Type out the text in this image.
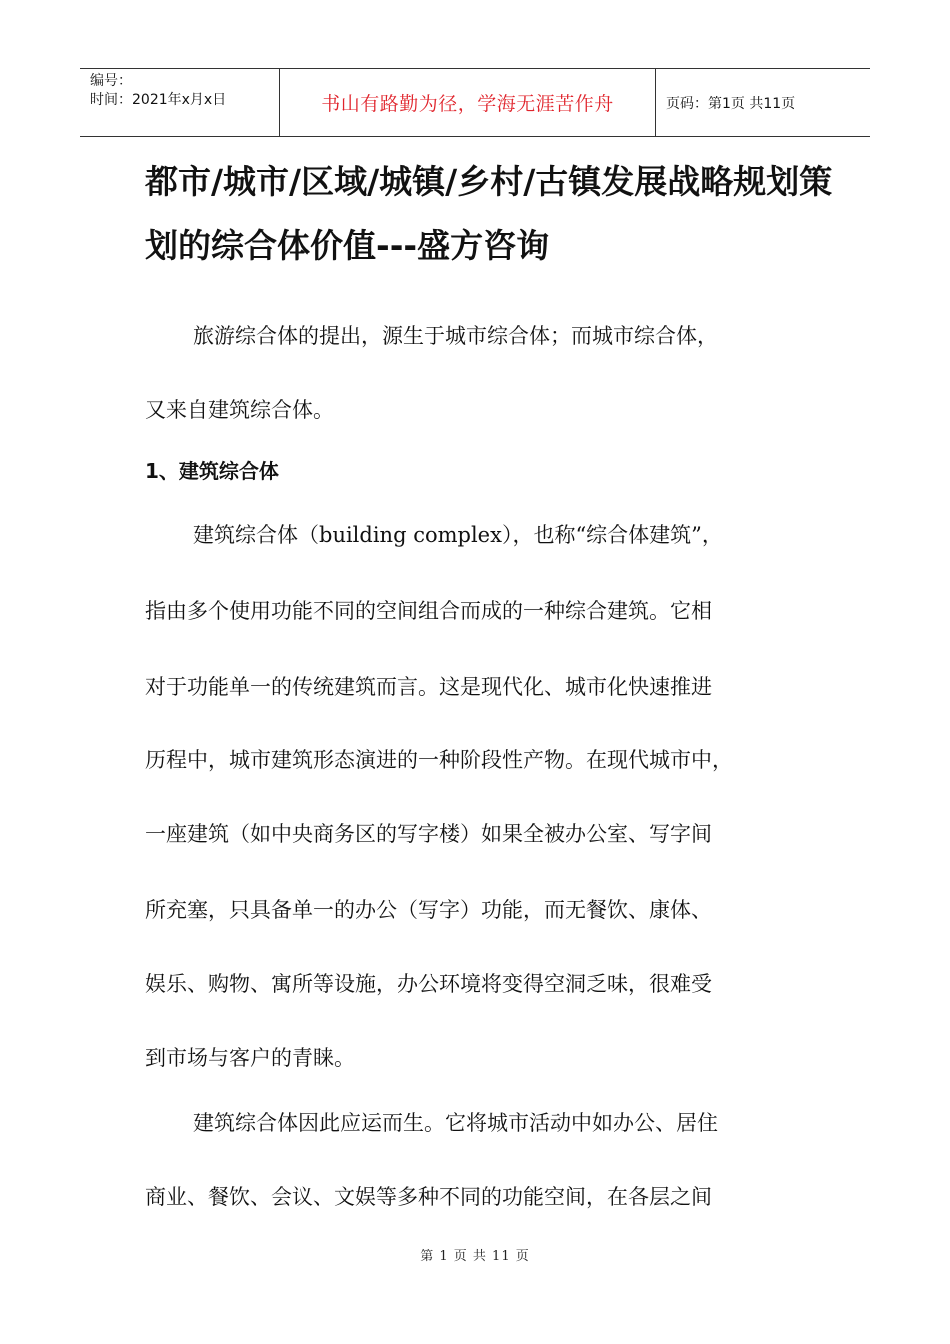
编号：
时间：2021年x月x日	书山有路勤为径，学海无涯苦作舟	页码：第1页 共11页
都市/城市/区域/城镇/乡村/古镇发展战略规划策划的综合体价值---盛方咨询
旅游综合体的提出，源生于城市综合体；而城市综合体，
又来自建筑综合体。
1、建筑综合体
建筑综合体（building complex），也称“综合体建筑”，
指由多个使用功能不同的空间组合而成的一种综合建筑。它相
对于功能单一的传统建筑而言。这是现代化、城市化快速推进
历程中，城市建筑形态演进的一种阶段性产物。在现代城市中，
一座建筑（如中央商务区的写字楼）如果全被办公室、写字间
所充塞，只具备单一的办公（写字）功能，而无餐饮、康体、
娱乐、购物、寓所等设施，办公环境将变得空洞乏味，很难受
到市场与客户的青睐。
建筑综合体因此应运而生。它将城市活动中如办公、居住
商业、餐饮、会议、文娱等多种不同的功能空间，在各层之间
第 1 页 共 11 页
